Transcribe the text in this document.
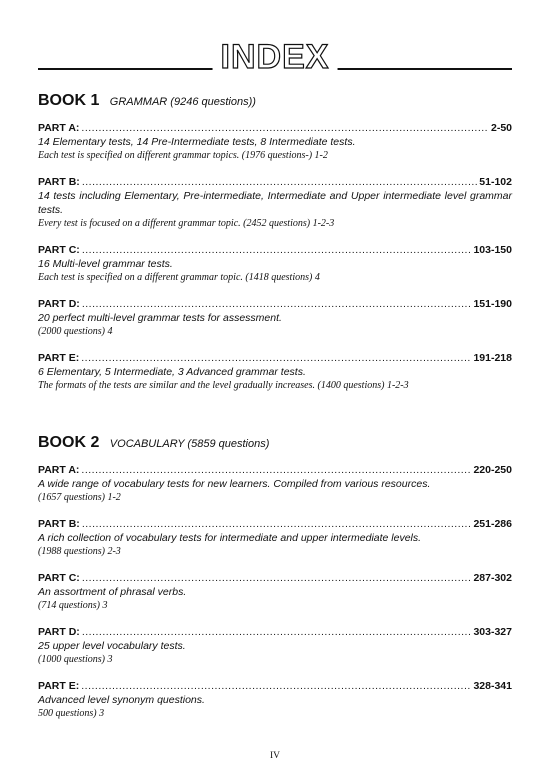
INDEX
BOOK 1 GRAMMAR (9246 questions))
PART A: .....	2-50
14 Elementary tests, 14 Pre-Intermediate tests, 8 Intermediate tests.
Each test is specified on different grammar topics. (1976 questions-) 1-2
PART B: .....	51-102
14 tests including Elementary, Pre-intermediate, Intermediate and Upper intermediate level grammar tests.
Every test is focused on a different grammar topic. (2452 questions) 1-2-3
PART C: .....	103-150
16 Multi-level grammar tests.
Each test is specified on a different grammar topic. (1418 questions) 4
PART D: .....	151-190
20 perfect multi-level grammar tests for assessment.
(2000 questions) 4
PART E: .....	191-218
6 Elementary, 5 Intermediate, 3 Advanced grammar tests.
The formats of the tests are similar and the level gradually increases. (1400 questions) 1-2-3
BOOK 2 VOCABULARY (5859 questions)
PART A: .....	220-250
A wide range of vocabulary tests for new learners. Compiled from various resources.
(1657 questions) 1-2
PART B: .....	251-286
A rich collection of vocabulary tests for intermediate and upper intermediate levels.
(1988 questions) 2-3
PART C: .....	287-302
An assortment of phrasal verbs.
(714 questions) 3
PART D: .....	303-327
25 upper level vocabulary tests.
(1000 questions) 3
PART E: .....	328-341
Advanced level synonym questions.
500 questions) 3
IV
